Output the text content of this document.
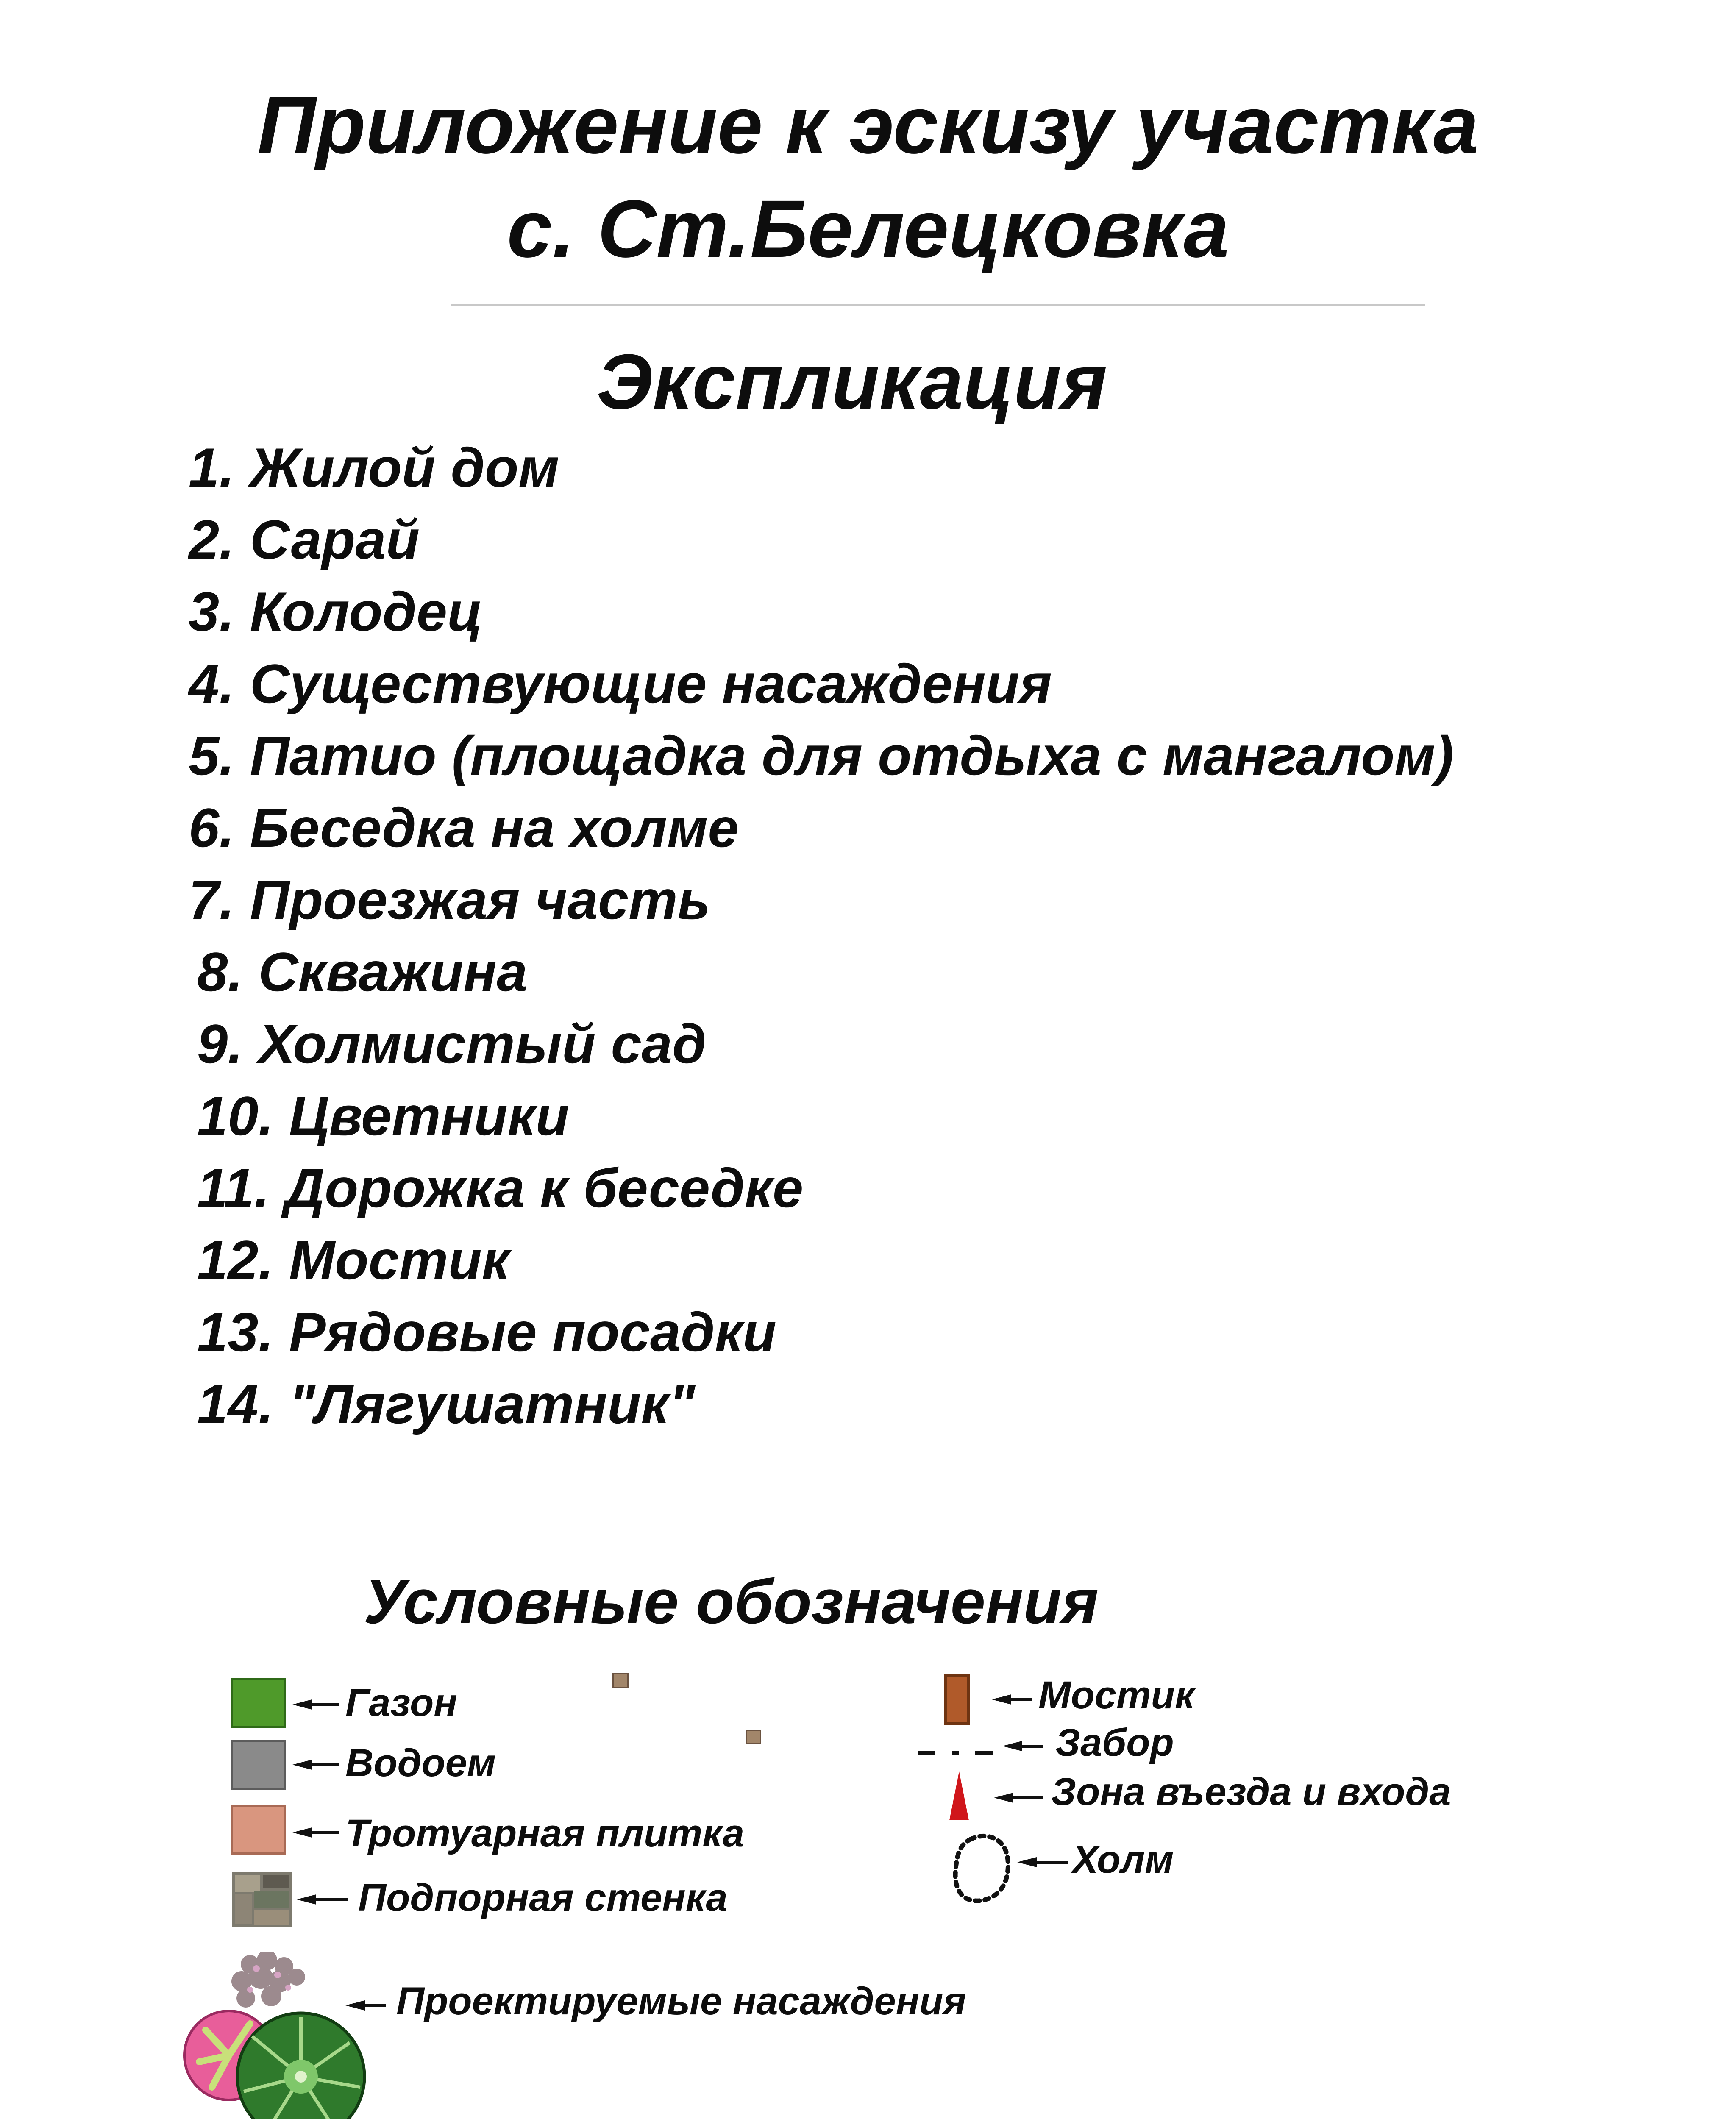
Приложение к эскизу участка
с. Ст.Белецковка
Экспликация
1. Жилой дом
2. Сарай
3. Колодец
4. Существующие насаждения
5. Патио (площадка для отдыха с мангалом)
6. Беседка на холме
7. Проезжая часть
8. Скважина
9. Холмистый сад
10. Цветники
11. Дорожка к беседке
12. Мостик
13. Рядовые посадки
14. "Лягушатник"
Условные обозначения
Газон
Водоем
Тротуарная плитка
Подпорная стенка
Мостик
Забор
Зона въезда и входа
Холм
Проектируемые насаждения
